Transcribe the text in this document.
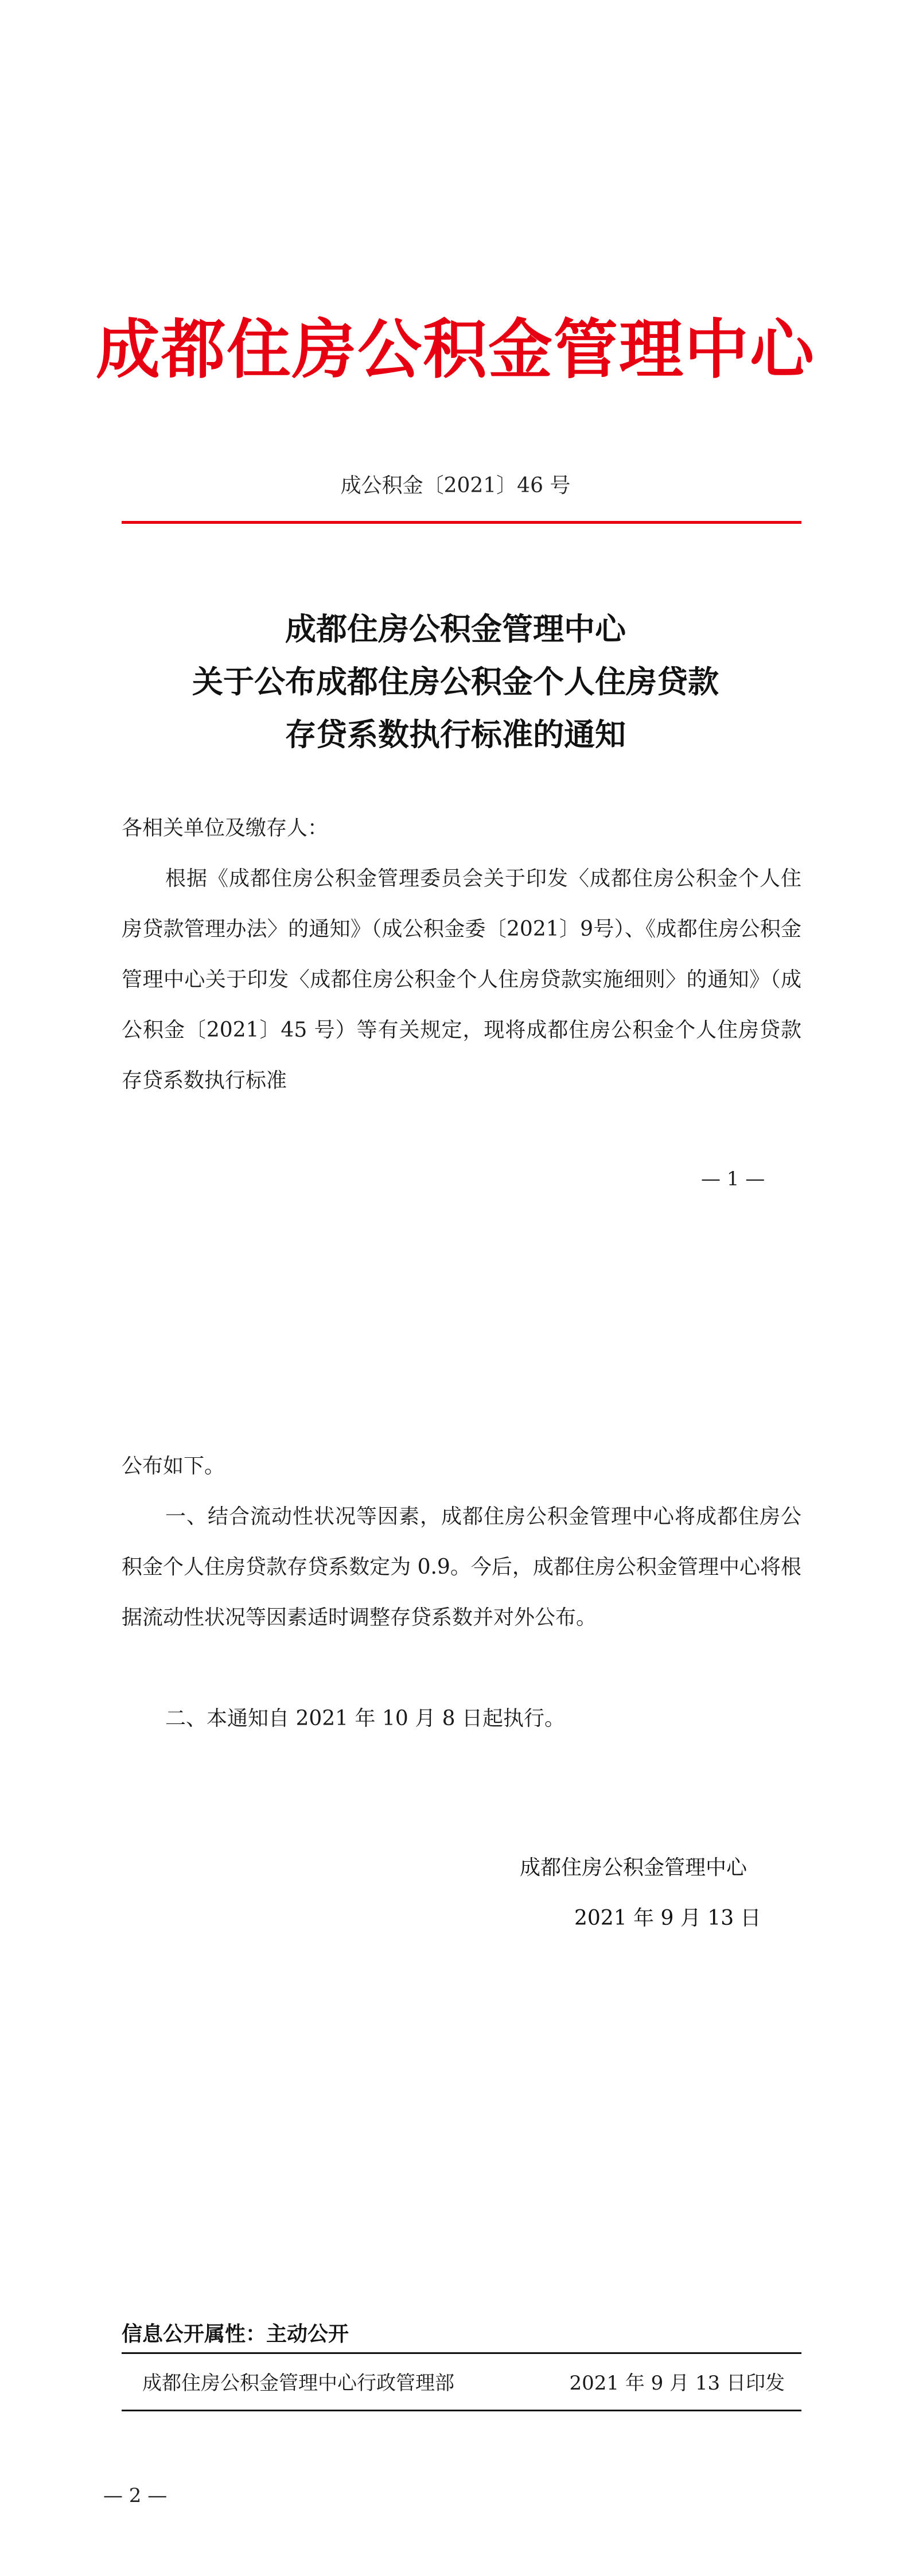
成都住房公积金管理中心
成公积金〔2021〕46 号
成都住房公积金管理中心
关于公布成都住房公积金个人住房贷款
存贷系数执行标准的通知
各相关单位及缴存人：
根据《成都住房公积金管理委员会关于印发〈成都住房公积金个人住房贷款管理办法〉的通知》（成公积金委〔2021〕9号）、《成都住房公积金管理中心关于印发〈成都住房公积金个人住房贷款实施细则〉的通知》（成公积金〔2021〕45 号）等有关规定，现将成都住房公积金个人住房贷款存贷系数执行标准
— 1 —
公布如下。
一、结合流动性状况等因素，成都住房公积金管理中心将成都住房公积金个人住房贷款存贷系数定为 0.9。今后，成都住房公积金管理中心将根据流动性状况等因素适时调整存贷系数并对外公布。
二、本通知自 2021 年 10 月 8 日起执行。
成都住房公积金管理中心
2021 年 9 月 13 日
信息公开属性：主动公开
成都住房公积金管理中心行政管理部	2021 年 9 月 13 日印发
— 2 —
